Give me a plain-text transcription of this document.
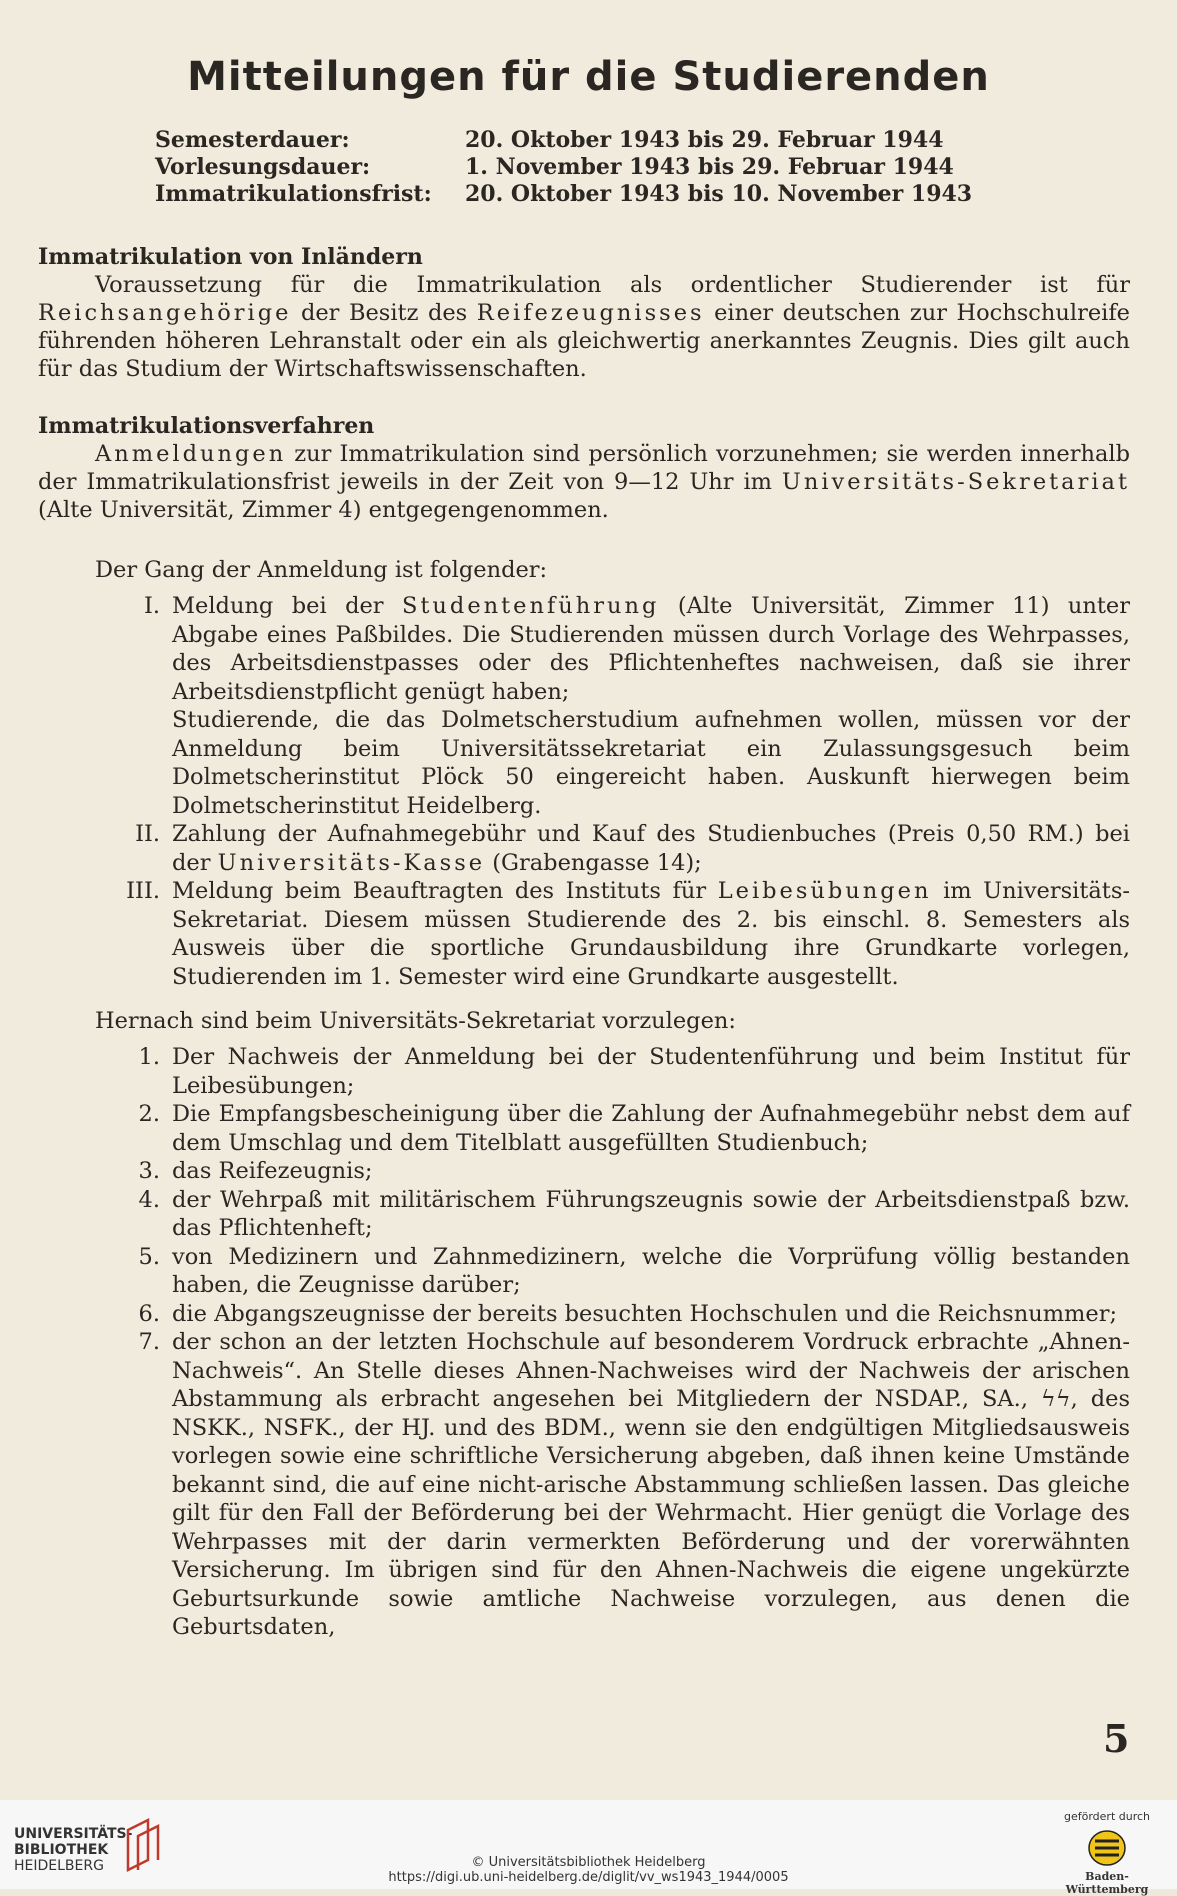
Mitteilungen für die Studierenden
Semesterdauer:	20. Oktober 1943 bis 29. Februar 1944
Vorlesungsdauer:	1. November 1943 bis 29. Februar 1944
Immatrikulationsfrist:	20. Oktober 1943 bis 10. November 1943
Immatrikulation von Inländern
Voraussetzung für die Immatrikulation als ordentlicher Studierender ist für Reichsangehörige der Besitz des Reifezeugnisses einer deutschen zur Hochschulreife führenden höheren Lehranstalt oder ein als gleichwertig anerkanntes Zeugnis. Dies gilt auch für das Studium der Wirtschaftswissenschaften.
Immatrikulationsverfahren
Anmeldungen zur Immatrikulation sind persönlich vorzunehmen; sie werden innerhalb der Immatrikulationsfrist jeweils in der Zeit von 9—12 Uhr im Universitäts-Sekretariat (Alte Universität, Zimmer 4) entgegengenommen.
Der Gang der Anmeldung ist folgender:
I. Meldung bei der Studentenführung (Alte Universität, Zimmer 11) unter Abgabe eines Paßbildes. Die Studierenden müssen durch Vorlage des Wehrpasses, des Arbeitsdienstpasses oder des Pflichtenheftes nachweisen, daß sie ihrer Arbeitsdienstpflicht genügt haben;
Studierende, die das Dolmetscherstudium aufnehmen wollen, müssen vor der Anmeldung beim Universitätssekretariat ein Zulassungsgesuch beim Dolmetscherinstitut Plöck 50 eingereicht haben. Auskunft hierwegen beim Dolmetscherinstitut Heidelberg.
II. Zahlung der Aufnahmegebühr und Kauf des Studienbuches (Preis 0,50 RM.) bei der Universitäts-Kasse (Grabengasse 14);
III. Meldung beim Beauftragten des Instituts für Leibesübungen im Universitäts-Sekretariat. Diesem müssen Studierende des 2. bis einschl. 8. Semesters als Ausweis über die sportliche Grundausbildung ihre Grundkarte vorlegen, Studierenden im 1. Semester wird eine Grundkarte ausgestellt.
Hernach sind beim Universitäts-Sekretariat vorzulegen:
1. Der Nachweis der Anmeldung bei der Studentenführung und beim Institut für Leibesübungen;
2. Die Empfangsbescheinigung über die Zahlung der Aufnahmegebühr nebst dem auf dem Umschlag und dem Titelblatt ausgefüllten Studienbuch;
3. das Reifezeugnis;
4. der Wehrpaß mit militärischem Führungszeugnis sowie der Arbeitsdienstpaß bzw. das Pflichtenheft;
5. von Medizinern und Zahnmedizinern, welche die Vorprüfung völlig bestanden haben, die Zeugnisse darüber;
6. die Abgangszeugnisse der bereits besuchten Hochschulen und die Reichsnummer;
7. der schon an der letzten Hochschule auf besonderem Vordruck erbrachte „Ahnen-Nachweis“. An Stelle dieses Ahnen-Nachweises wird der Nachweis der arischen Abstammung als erbracht angesehen bei Mitgliedern der NSDAP., SA., ϟϟ, des NSKK., NSFK., der HJ. und des BDM., wenn sie den endgültigen Mitgliedsausweis vorlegen sowie eine schriftliche Versicherung abgeben, daß ihnen keine Umstände bekannt sind, die auf eine nicht-arische Abstammung schließen lassen. Das gleiche gilt für den Fall der Beförderung bei der Wehrmacht. Hier genügt die Vorlage des Wehrpasses mit der darin vermerkten Beförderung und der vorerwähnten Versicherung. Im übrigen sind für den Ahnen-Nachweis die eigene ungekürzte Geburtsurkunde sowie amtliche Nachweise vorzulegen, aus denen die Geburtsdaten,
5
UNIVERSITÄTS-
BIBLIOTHEK
HEIDELBERG	© Universitätsbibliothek Heidelberg
https://digi.ub.uni-heidelberg.de/diglit/vv_ws1943_1944/0005
gefördert durch
Baden-Württemberg
